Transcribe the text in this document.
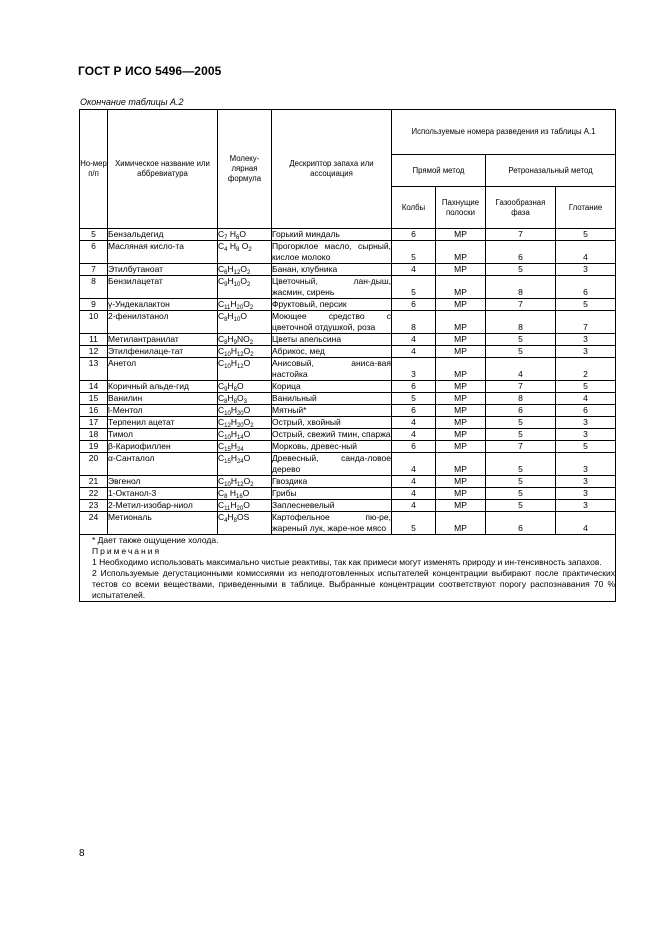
ГОСТ Р ИСО 5496—2005
Окончание таблицы А.2
Но-мер п/п	Химическое название или аббревиатура	Молеку-лярная формула	Дескриптор запаха или ассоциация	Используемые номера разведения из таблицы А.1			
				Прямой метод		Ретроназальный метод	
				Колбы	Пахнущие полоски	Газообразная фаза	Глотание
5	Бензальдегид	$C_7$ $H_6O$	Горький миндаль	6	МР	7	5
6	Масляная кисло-та	$C_4$ $H_8$ $O_2$	Прогорклое масло, сырный, кислое молоко	5	МР	6	4
7	Этилбутаноат	$C_6H_{12}O_2$	Банан, клубника	4	МР	5	3
8	Бензилацетат	$C_9H_{10}O_2$	Цветочный, лан-дыш, жасмин, сирень	5	МР	8	6
9	γ-Ундекалактон	$C_{11}H_{20}O_2$	Фруктовый, персик	6	МР	7	5
10	2-фенилэтанол	$C_8H_{10}O$	Моющее средство с цветочной отдушкой, роза	8	МР	8	7
11	Метилантранилат	$C_8H_9NO_2$	Цветы апельсина	4	МР	5	3
12	Этилфенилаце-тат	$C_{10}H_{12}O_2$	Абрикос, мед	4	МР	5	3
13	Анетол	$C_{10}H_{12}O$	Анисовый, аниса-вая настойка	3	МР	4	2
14	Коричный альде-гид	$C_9H_8O$	Корица	6	МР	7	5
15	Ванилин	$C_8H_8O_3$	Ванильный	5	МР	8	4
16	l-Ментол	$C_{10}H_{20}O$	Мятный*	6	МР	6	6
17	Терпенил ацетат	$C_{12}H_{20}O_2$	Острый, хвойный	4	МР	5	3
18	Тимол	$C_{10}H_{14}O$	Острый, свежий тмин, спаржа	4	МР	5	3
19	β-Кариофиллен	$C_{15}H_{24}$	Морковь, древес-ный	6	МР	7	5
20	α-Санталол	$C_{15}H_{24}O$	Древесный, санда-ловое дерево	4	МР	5	3
21	Эвгенол	$C_{10}H_{12}O_2$	Гвоздика	4	МР	5	3
22	1-Октанол-3	$C_8$ $H_{16}O$	Грибы	4	МР	5	3
23	2-Метил-изобар-ниол	$C_{11}H_{20}O$	Заплесневелый	4	МР	5	3
24	Метиональ	$C_4H_8OS$	Картофельное пю-ре, жареный лук, жаре-ное мясо	5	МР	6	4

* Дает также ощущение холода.

Примечания

1 Необходимо использовать максимально чистые реактивы, так как примеси могут изменять природу и ин-тенсивность запахов.

2 Используемые дегустационными комиссиями из неподготовленных испытателей концентрации выбирают после практических тестов со всеми веществами, приведенными в таблице. Выбранные концентрации соответствуют порогу распознавания 70 % испытателей.							

8
